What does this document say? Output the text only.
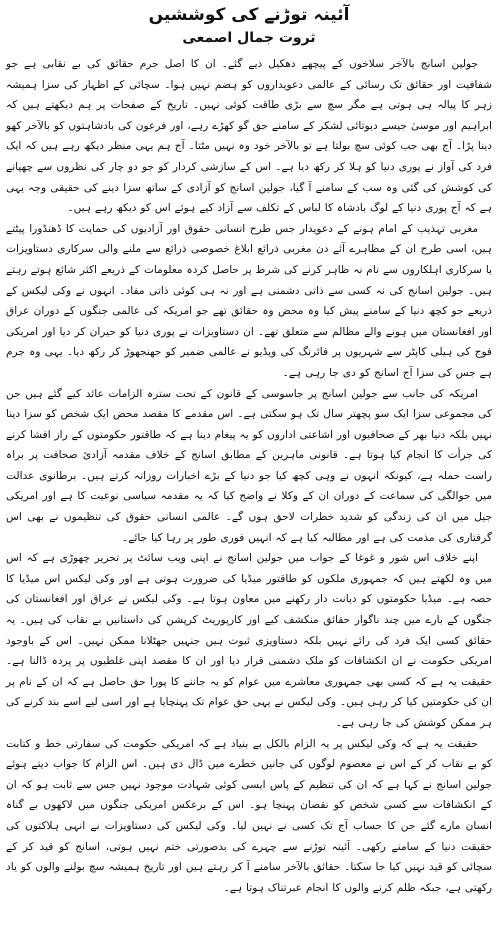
آئینہ توڑنے کی کوششیں
ثروت جمال اصمعی

جولین اسانج بالآخر سلاخوں کے پیچھے دھکیل دیے گئے۔ ان کا اصل جرم حقائق کی بے نقابی ہے جو شفافیت اور حقائق تک رسائی کے عالمی دعویداروں کو ہضم نہیں ہوا۔ سچائی کے اظہار کی سزا ہمیشہ زہر کا پیالہ ہی ہوتی ہے مگر سچ سے بڑی طاقت کوئی نہیں۔ تاریخ کے صفحات پر ہم دیکھتے ہیں کہ ابراہیم اور موسیٰ جیسے دیوتائی لشکر کے سامنے حق گو کھڑے رہے، اور فرعون کی بادشاہتوں کو بالآخر کھو دینا پڑا۔ آج بھی جب کوئی سچ بولتا ہے تو بالآخر خود وہ نہیں مٹتا۔ آج ہم یہی منظر دیکھ رہے ہیں کہ ایک فرد کی آواز نے پوری دنیا کو ہلا کر رکھ دیا ہے۔ اس کے سازشی کردار کو جو دو چار کی نظروں سے چھپانے کی کوشش کی گئی وہ سب کے سامنے آ گیا، جولین اسانج کو آزادی کے ساتھ سزا دینے کی حقیقی وجہ یہی ہے کہ آج پوری دنیا کے لوگ بادشاہ کا لباس کے تکلف سے آزاد کیے ہوئے اس کو دیکھ رہے ہیں۔

مغربی تہذیب کے امام ہونے کے دعویدار جس طرح انسانی حقوق اور آزادیوں کی حمایت کا ڈھنڈورا پیٹتے ہیں، اسی طرح ان کے مظاہرے آئے دن مغربی ذرائع ابلاغ خصوصی ذرائع سے ملنے والی سرکاری دستاویزات یا سرکاری اہلکاروں سے نام نہ ظاہر کرنے کی شرط پر حاصل کردہ معلومات کے ذریعے اکثر شائع ہوتے رہتے ہیں۔ جولین اسانج کی نہ کسی سے ذاتی دشمنی ہے اور نہ ہی کوئی ذاتی مفاد۔ انہوں نے وکی لیکس کے ذریعے جو کچھ دنیا کے سامنے پیش کیا وہ محض وہ حقائق تھے جو امریکہ کی عالمی جنگوں کے دوران عراق اور افغانستان میں ہونے والے مظالم سے متعلق تھے۔ ان دستاویزات نے پوری دنیا کو حیران کر دیا اور امریکی فوج کی ہیلی کاپٹر سے شہریوں پر فائرنگ کی ویڈیو نے عالمی ضمیر کو جھنجھوڑ کر رکھ دیا۔ یہی وہ جرم ہے جس کی سزا آج اسانج کو دی جا رہی ہے۔

امریکہ کی جانب سے جولین اسانج پر جاسوسی کے قانون کے تحت سترہ الزامات عائد کیے گئے ہیں جن کی مجموعی سزا ایک سو پچھتر سال تک ہو سکتی ہے۔ اس مقدمے کا مقصد محض ایک شخص کو سزا دینا نہیں بلکہ دنیا بھر کے صحافیوں اور اشاعتی اداروں کو یہ پیغام دینا ہے کہ طاقتور حکومتوں کے راز افشا کرنے کی جرأت کا انجام کیا ہوتا ہے۔ قانونی ماہرین کے مطابق اسانج کے خلاف مقدمہ آزادیٔ صحافت پر براہ راست حملہ ہے، کیونکہ انہوں نے وہی کچھ کیا جو دنیا کے بڑے اخبارات روزانہ کرتے ہیں۔ برطانوی عدالت میں حوالگی کی سماعت کے دوران ان کے وکلا نے واضح کیا کہ یہ مقدمہ سیاسی نوعیت کا ہے اور امریکی جیل میں ان کی زندگی کو شدید خطرات لاحق ہوں گے۔ عالمی انسانی حقوق کی تنظیموں نے بھی اس گرفتاری کی مذمت کی ہے اور مطالبہ کیا ہے کہ انہیں فوری طور پر رہا کیا جائے۔

اپنے خلاف اس شور و غوغا کے جواب میں جولین اسانج نے اپنی ویب سائٹ پر تحریر چھوڑی ہے کہ اس میں وہ لکھتے ہیں کہ جمہوری ملکوں کو طاقتور میڈیا کی ضرورت ہوتی ہے اور وکی لیکس اس میڈیا کا حصہ ہے۔ میڈیا حکومتوں کو دیانت دار رکھنے میں معاون ہوتا ہے۔ وکی لیکس نے عراق اور افغانستان کی جنگوں کے بارے میں چند ناگوار حقائق منکشف کیے اور کارپوریٹ کرپشن کی داستانیں بے نقاب کی ہیں۔ یہ حقائق کسی ایک فرد کی رائے نہیں بلکہ دستاویزی ثبوت ہیں جنہیں جھٹلانا ممکن نہیں۔ اس کے باوجود امریکی حکومت نے ان انکشافات کو ملک دشمنی قرار دیا اور ان کا مقصد اپنی غلطیوں پر پردہ ڈالنا ہے۔ حقیقت یہ ہے کہ کسی بھی جمہوری معاشرے میں عوام کو یہ جاننے کا پورا حق حاصل ہے کہ ان کے نام پر ان کی حکومتیں کیا کر رہی ہیں۔ وکی لیکس نے یہی حق عوام تک پہنچایا ہے اور اسی لیے اسے بند کرنے کی ہر ممکن کوشش کی جا رہی ہے۔

حقیقت یہ ہے کہ وکی لیکس پر یہ الزام بالکل بے بنیاد ہے کہ امریکی حکومت کی سفارتی خط و کتابت کو بے نقاب کر کے اس نے معصوم لوگوں کی جانیں خطرے میں ڈال دی ہیں۔ اس الزام کا جواب دیتے ہوئے جولین اسانج نے کہا ہے کہ ان کی تنظیم کے پاس ایسی کوئی شہادت موجود نہیں جس سے ثابت ہو کہ ان کے انکشافات سے کسی شخص کو نقصان پہنچا ہو۔ اس کے برعکس امریکی جنگوں میں لاکھوں بے گناہ انسان مارے گئے جن کا حساب آج تک کسی نے نہیں لیا۔ وکی لیکس کی دستاویزات نے انہی ہلاکتوں کی حقیقت دنیا کے سامنے رکھی۔ آئینہ توڑنے سے چہرے کی بدصورتی ختم نہیں ہوتی، اسانج کو قید کر کے سچائی کو قید نہیں کیا جا سکتا۔ حقائق بالآخر سامنے آ کر رہتے ہیں اور تاریخ ہمیشہ سچ بولنے والوں کو یاد رکھتی ہے، جبکہ ظلم کرنے والوں کا انجام عبرتناک ہوتا ہے۔
